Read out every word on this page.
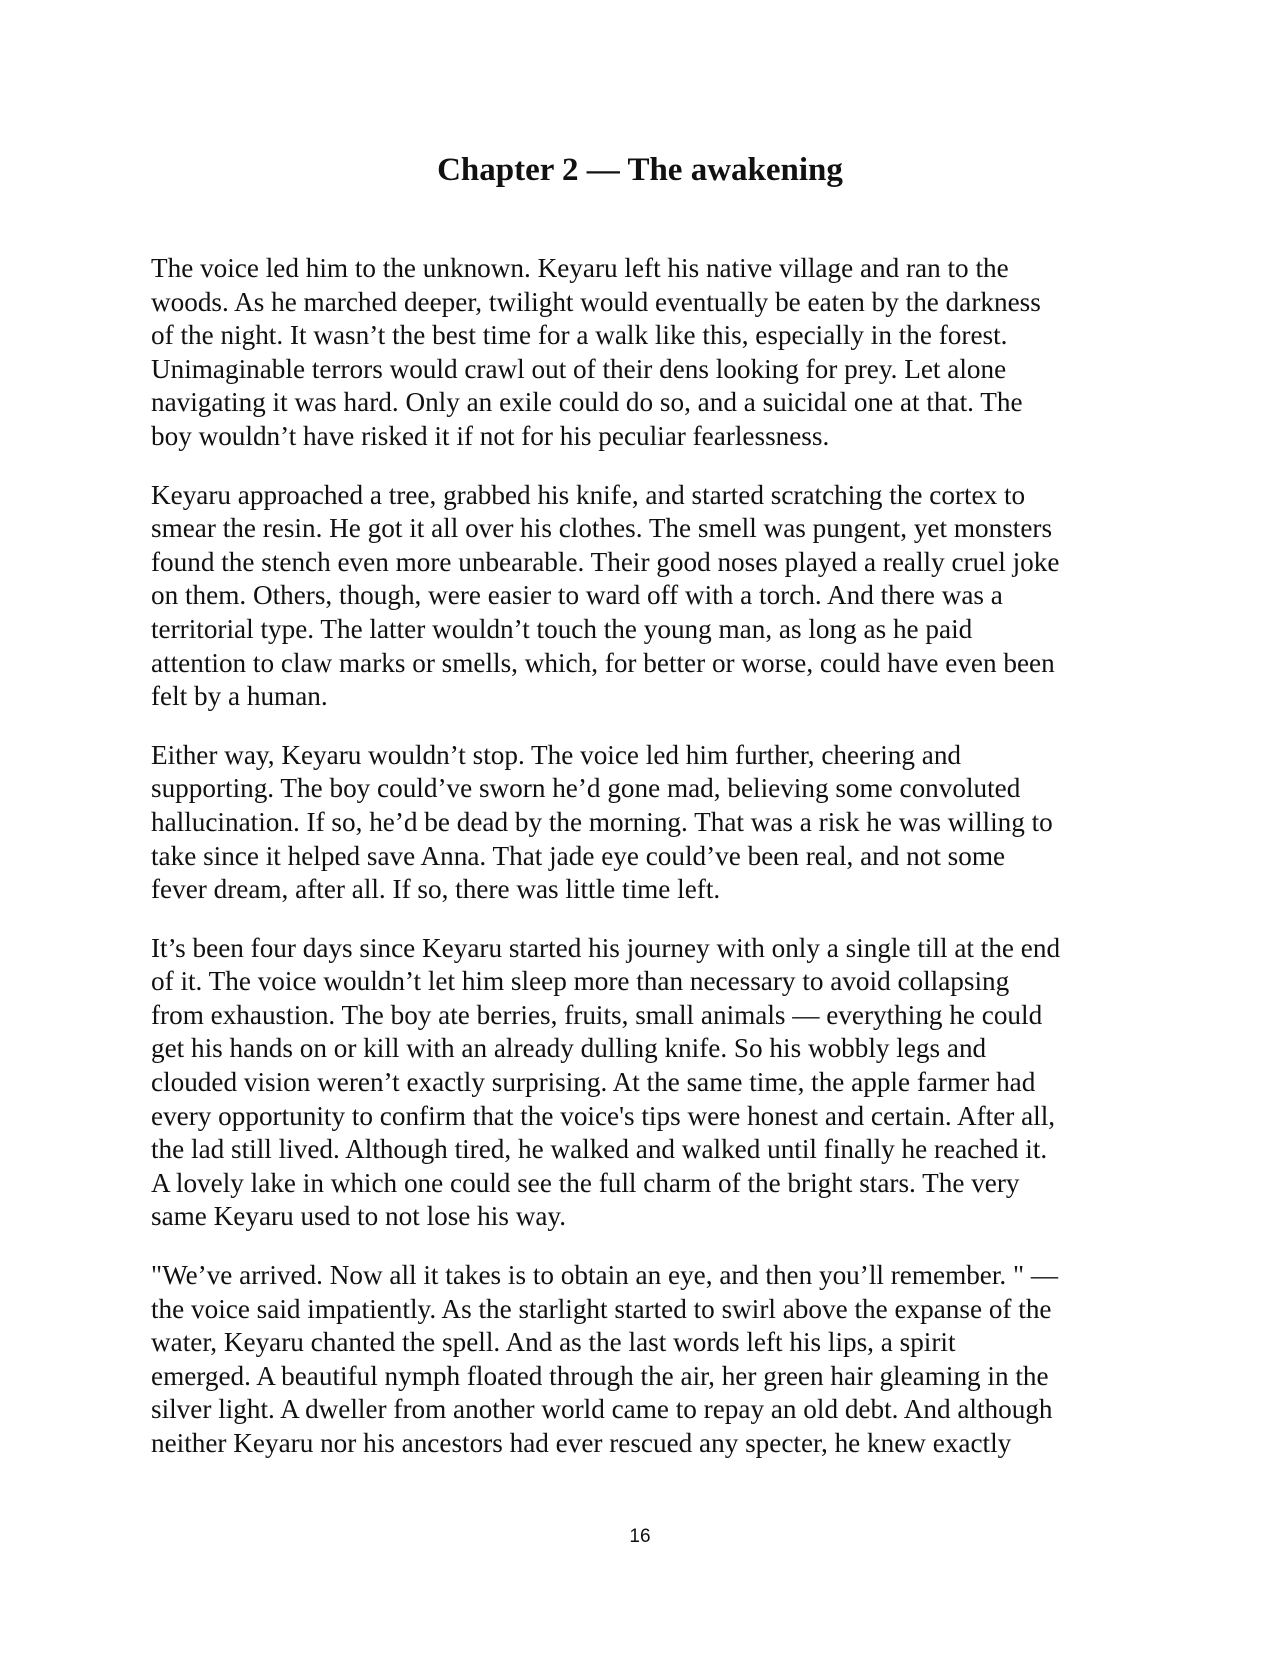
Chapter 2 — The awakening

The voice led him to the unknown. Keyaru left his native village and ran to the
woods. As he marched deeper, twilight would eventually be eaten by the darkness
of the night. It wasn’t the best time for a walk like this, especially in the forest.
Unimaginable terrors would crawl out of their dens looking for prey. Let alone
navigating it was hard. Only an exile could do so, and a suicidal one at that. The
boy wouldn’t have risked it if not for his peculiar fearlessness.

Keyaru approached a tree, grabbed his knife, and started scratching the cortex to
smear the resin. He got it all over his clothes. The smell was pungent, yet monsters
found the stench even more unbearable. Their good noses played a really cruel joke
on them. Others, though, were easier to ward off with a torch. And there was a
territorial type. The latter wouldn’t touch the young man, as long as he paid
attention to claw marks or smells, which, for better or worse, could have even been
felt by a human.

Either way, Keyaru wouldn’t stop. The voice led him further, cheering and
supporting. The boy could’ve sworn he’d gone mad, believing some convoluted
hallucination. If so, he’d be dead by the morning. That was a risk he was willing to
take since it helped save Anna. That jade eye could’ve been real, and not some
fever dream, after all. If so, there was little time left.

It’s been four days since Keyaru started his journey with only a single till at the end
of it. The voice wouldn’t let him sleep more than necessary to avoid collapsing
from exhaustion. The boy ate berries, fruits, small animals — everything he could
get his hands on or kill with an already dulling knife. So his wobbly legs and
clouded vision weren’t exactly surprising. At the same time, the apple farmer had
every opportunity to confirm that the voice's tips were honest and certain. After all,
the lad still lived. Although tired, he walked and walked until finally he reached it.
A lovely lake in which one could see the full charm of the bright stars. The very
same Keyaru used to not lose his way.

"We’ve arrived. Now all it takes is to obtain an eye, and then you’ll remember. " —
the voice said impatiently. As the starlight started to swirl above the expanse of the
water, Keyaru chanted the spell. And as the last words left his lips, a spirit
emerged. A beautiful nymph floated through the air, her green hair gleaming in the
silver light. A dweller from another world came to repay an old debt. And although
neither Keyaru nor his ancestors had ever rescued any specter, he knew exactly

16
